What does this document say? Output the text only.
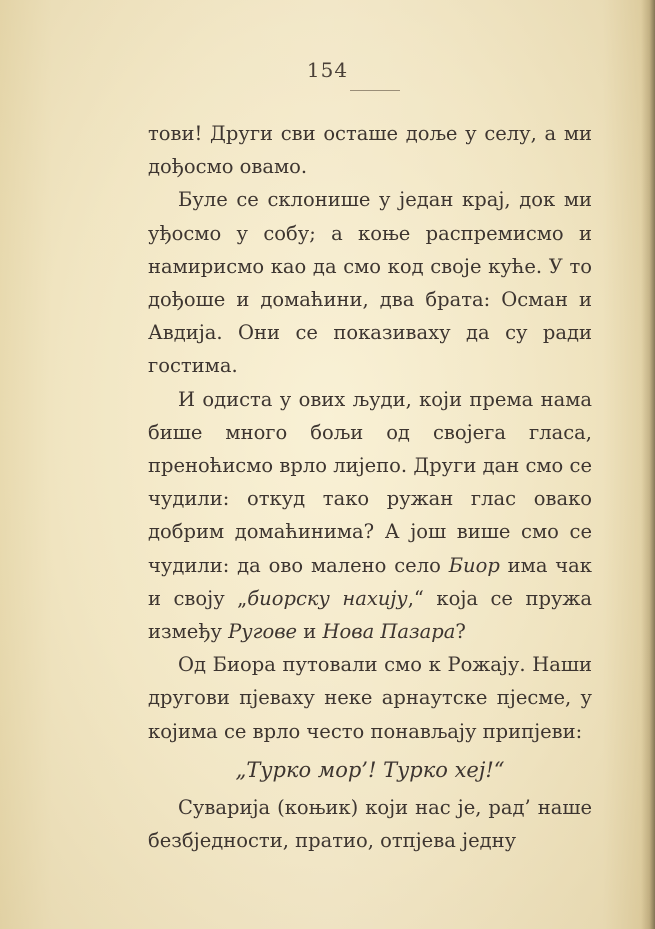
154

тови! Други сви осташе доље у селу, а ми дођосмо овамо.

Буле се склонише у један крај, док ми уђосмо у собу; а коње распремисмо и намирисмо као да смо код своје куће. У то дођоше и домаћини, два брата: Осман и Авдија. Они се показиваху да су ради гостима.

И одиста у ових људи, који према нама бише много бољи од својега гласа, преноћисмо врло лијепо. Други дан смо се чудили: откуд тако ружан глас овако добрим домаћинима? А још више смо се чудили: да ово малено село Биор има чак и своју „биорску нахију,“ која се пружа између Ругове и Нова Пазара?

Од Биора путовали смо к Рожају. Наши другови пјеваху неке арнаутске пјесме, у којима се врло често понављају припјеви:

„Турко мор’! Турко хеј!“

Суварија (коњик) који нас је, рад’ наше безбједности, пратио, отпјева једну
